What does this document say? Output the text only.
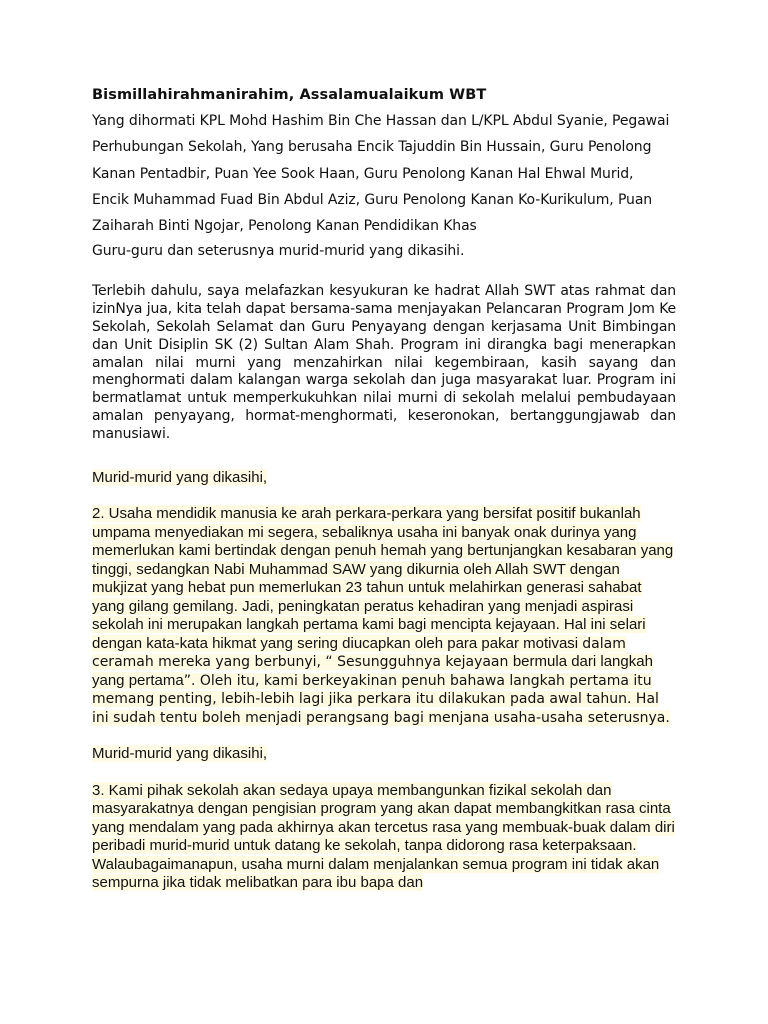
Bismillahirahmanirahim, Assalamualaikum WBT

Yang dihormati KPL Mohd Hashim Bin Che Hassan dan L/KPL Abdul Syanie, Pegawai

Perhubungan Sekolah, Yang berusaha Encik Tajuddin Bin Hussain, Guru Penolong

Kanan Pentadbir, Puan Yee Sook Haan, Guru Penolong Kanan Hal Ehwal Murid,

Encik Muhammad Fuad Bin Abdul Aziz, Guru Penolong Kanan Ko-Kurikulum, Puan

Zaiharah Binti Ngojar, Penolong Kanan Pendidikan Khas

Guru-guru dan seterusnya murid-murid yang dikasihi.

Terlebih dahulu, saya melafazkan kesyukuran ke hadrat Allah SWT atas rahmat dan izinNya jua, kita telah dapat bersama-sama menjayakan Pelancaran Program Jom Ke Sekolah, Sekolah Selamat dan Guru Penyayang dengan kerjasama Unit Bimbingan dan Unit Disiplin SK (2) Sultan Alam Shah. Program ini dirangka bagi menerapkan amalan nilai murni yang menzahirkan nilai kegembiraan, kasih sayang dan menghormati dalam kalangan warga sekolah dan juga masyarakat luar. Program ini bermatlamat untuk memperkukuhkan nilai murni di sekolah melalui pembudayaan amalan penyayang, hormat-menghormati, keseronokan, bertanggungjawab dan manusiawi.

Murid-murid yang dikasihi,

2. Usaha mendidik manusia ke arah perkara-perkara yang bersifat positif bukanlah umpama menyediakan mi segera, sebaliknya usaha ini banyak onak durinya yang memerlukan kami bertindak dengan penuh hemah yang bertunjangkan kesabaran yang tinggi, sedangkan Nabi Muhammad SAW yang dikurnia oleh Allah SWT dengan mukjizat yang hebat pun memerlukan 23 tahun untuk melahirkan generasi sahabat yang gilang gemilang. Jadi, peningkatan peratus kehadiran yang menjadi aspirasi sekolah ini merupakan langkah pertama kami bagi mencipta kejayaan. Hal ini selari dengan kata-kata hikmat yang sering diucapkan oleh para pakar motivasi dalam ceramah mereka yang berbunyi, “ Sesungguhnya kejayaan bermula dari langkah yang pertama”. Oleh itu, kami berkeyakinan penuh bahawa langkah pertama itu memang penting, lebih-lebih lagi jika perkara itu dilakukan pada awal tahun. Hal ini sudah tentu boleh menjadi perangsang bagi menjana usaha-usaha seterusnya.

Murid-murid yang dikasihi,

3. Kami pihak sekolah akan sedaya upaya membangunkan fizikal sekolah dan masyarakatnya dengan pengisian program yang akan dapat membangkitkan rasa cinta yang mendalam yang pada akhirnya akan tercetus rasa yang membuak-buak dalam diri peribadi murid-murid untuk datang ke sekolah, tanpa didorong rasa keterpaksaan. Walaubagaimanapun, usaha murni dalam menjalankan semua program ini tidak akan sempurna jika tidak melibatkan para ibu bapa dan
